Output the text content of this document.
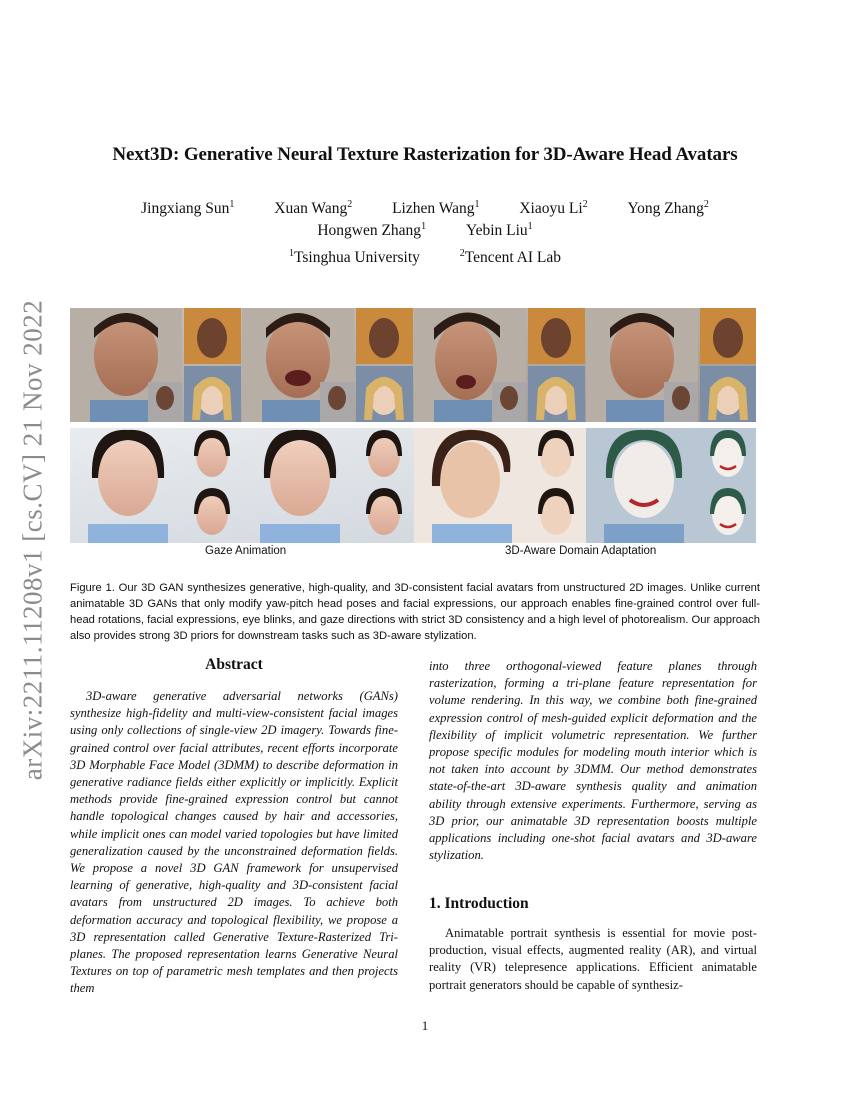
arXiv:2211.11208v1 [cs.CV] 21 Nov 2022
Next3D: Generative Neural Texture Rasterization for 3D-Aware Head Avatars
Jingxiang Sun$^1$	Xuan Wang$^2$	Lizhen Wang$^1$	Xiaoyu Li$^2$	Yong Zhang$^2$
Hongwen Zhang$^1$	Yebin Liu$^1$
$^1$Tsinghua University	$^2$Tencent AI Lab
Gaze Animation	3D-Aware Domain Adaptation
Figure 1. Our 3D GAN synthesizes generative, high-quality, and 3D-consistent facial avatars from unstructured 2D images. Unlike current animatable 3D GANs that only modify yaw-pitch head poses and facial expressions, our approach enables fine-grained control over full-head rotations, facial expressions, eye blinks, and gaze directions with strict 3D consistency and a high level of photorealism. Our approach also provides strong 3D priors for downstream tasks such as 3D-aware stylization.
Abstract
3D-aware generative adversarial networks (GANs) synthesize high-fidelity and multi-view-consistent facial images using only collections of single-view 2D imagery. Towards fine-grained control over facial attributes, recent efforts incorporate 3D Morphable Face Model (3DMM) to describe deformation in generative radiance fields either explicitly or implicitly. Explicit methods provide fine-grained expression control but cannot handle topological changes caused by hair and accessories, while implicit ones can model varied topologies but have limited generalization caused by the unconstrained deformation fields. We propose a novel 3D GAN framework for unsupervised learning of generative, high-quality and 3D-consistent facial avatars from unstructured 2D images. To achieve both deformation accuracy and topological flexibility, we propose a 3D representation called Generative Texture-Rasterized Tri-planes. The proposed representation learns Generative Neural Textures on top of parametric mesh templates and then projects them
into three orthogonal-viewed feature planes through rasterization, forming a tri-plane feature representation for volume rendering. In this way, we combine both fine-grained expression control of mesh-guided explicit deformation and the flexibility of implicit volumetric representation. We further propose specific modules for modeling mouth interior which is not taken into account by 3DMM. Our method demonstrates state-of-the-art 3D-aware synthesis quality and animation ability through extensive experiments. Furthermore, serving as 3D prior, our animatable 3D representation boosts multiple applications including one-shot facial avatars and 3D-aware stylization.
1. Introduction
Animatable portrait synthesis is essential for movie post-production, visual effects, augmented reality (AR), and virtual reality (VR) telepresence applications. Efficient animatable portrait generators should be capable of synthesiz-
1
